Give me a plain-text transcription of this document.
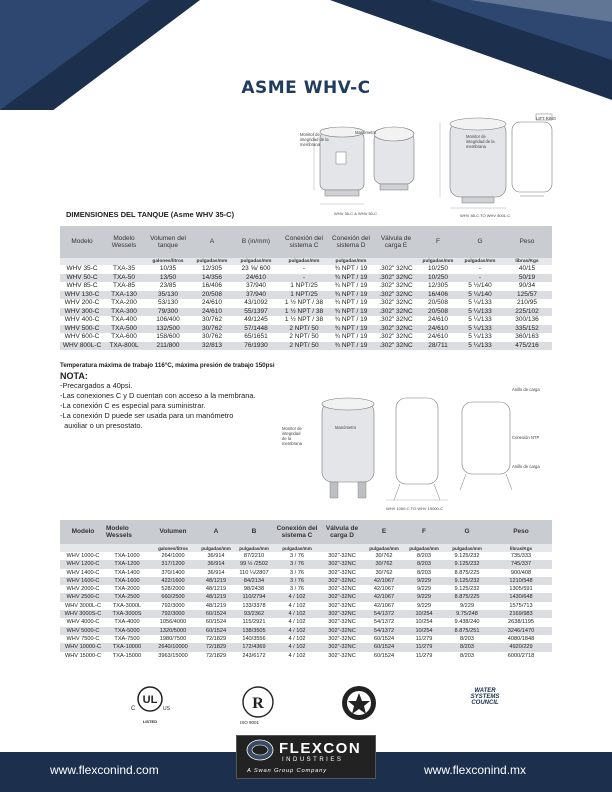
ASME WHV-C
Monitor de integridad de la membrana
Manómetro
Monitor de integridad de la membrana
LIFT RING
WHV 35-C & WHV 50-C	WHV 85-C TO WHV 800L-C
DIMENSIONES DEL TANQUE (Asme WHV 35-C)
Modelo	Modelo Wessels	Volumen del tanque	A	B (in/mm)	Conexión del sistema C	Conexión del sistema D	Válvula de carga E	F	G	Peso
		galones/litros	pulgadas/mm	pulgadas/mm	pulgadas/mm	pulgadas/mm		pulgadas/mm	pulgadas/mm	libras/Kgs
WHV 35-C	TXA-35	10/35	12/305	23 ⅝/ 600	-	¾ NPT / 19	.302" 32NC	10/250	-	40/15
WHV 50-C	TXA-50	13/50	14/356	24/610	-	¾ NPT / 19	.302" 32NC	10/250	-	50/19
WHV 85-C	TXA-85	23/85	16/406	37/940	1 NPT/25	¾ NPT / 19	.302" 32NC	12/305	5 ½/140	90/34
WHV 130-C	TXA-130	35/130	20/508	37/940	1 NPT/25	¾ NPT / 19	.302" 32NC	16/406	5 ¼/140	125/57
WHV 200-C	TXA-200	53/130	24/610	43/1092	1 ½ NPT / 38	¾ NPT / 19	.302" 32NC	20/508	5 ¼/133	210/95
WHV 300-C	TXA-300	79/300	24/610	55/1397	1 ½ NPT / 38	¾ NPT / 19	.302" 32NC	20/508	5 ¼/133	225/102
WHV 400-C	TXA-400	106/400	30/762	49/1245	1 ½ NPT / 38	¾ NPT / 19	.302" 32NC	24/610	5 ¼/133	300/136
WHV 500-C	TXA-500	132/500	30/762	57/1448	2 NPT/ 50	¾ NPT / 19	.302" 32NC	24/610	5 ¼/133	335/152
WHV 600-C	TXA-600	158/600	30/762	65/1651	2 NPT/ 50	¾ NPT / 19	.302" 32NC	24/610	5 ¼/133	360/163
WHV 800L-C	TXA-800L	211/800	32/813	76/1930	2 NPT/ 50	¾ NPT / 19	.302" 32NC	28/711	5 ¼/133	475/216
Temperatura máxima de trabajo 116°C, máxima presión de trabajo 150psi
NOTA:
-Precargados a 40psi.
-Las conexiones C y D cuentan con acceso a la membrana.
-La conexión C es especial para suministrar.
-La conexión D puede ser usada para un manómetro
auxiliar o un presostato.	Monitor de integridad de la membrana
Manómetro
Anillo de carga
Conexión NTP
Anillo de carga
WHV 1000-C TO WHV 15000-C
Modelo	Modelo Wessels	Volumen	A	B	Conexión del sistema C	Válvula de carga D	E	F	G	Peso
		galones/litros	pulgadas/mm	pulgadas/mm	pulgadas/mm		pulgadas/mm	pulgadas/mm	pulgadas/mm	libras/Kgs
WHV 1000-C	TXA-1000	264/1000	36/914	87/2210	3 / 76	302"-32NC	30/762	8/203	9.125/232	735/333
WHV 1200-C	TXA-1200	317/1200	36/914	99 ½ /2502	3 / 76	302"-32NC	30/762	8/203	9.125/232	745/337
WHV 1400-C	TXA-1400	370/1400	36/914	110 ¼/2807	3 / 76	302"-32NC	30/762	8/203	8.875/225	900/408
WHV 1600-C	TXA-1600	422/1600	48/1219	84/2134	3 / 76	302"-32NC	42/1067	9/229	9.125/232	1210/548
WHV 2000-C	TXA-2000	528/2000	48/1219	98/2438	3 / 76	302"-32NC	42/1067	9/229	9.125/232	1305/591
WHV 2500-C	TXA-2500	660/2500	48/1219	110/2794	4 / 102	302"-32NC	42/1067	9/229	8.875/225	1430/648
WHV 3000L-C	TXA-3000L	792/3000	48/1219	133/3378	4 / 102	302"-32NC	42/1067	9/229	9/229	1575/713
WHV 3000S-C	TXA-3000S	792/3000	60/1524	93/2362	4 / 102	302"-32NC	54/1372	10/254	9.75/248	2169/983
WHV 4000-C	TXA-4000	1056/4000	60/1524	115/2921	4 / 102	302"-32NC	54/1372	10/254	9.438/240	2638/1195
WHV 5000-C	TXA-5000	1320/5000	60/1524	138/3505	4 / 102	302"-32NC	54/1372	10/254	8.875/251	3246/1470
WHV 7500-C	TXA-7500	1980/7500	72/1829	140/3556	4 / 102	302"-32NC	60/1524	11/279	8/203	4080/1848
WHV 10000-C	TXA-10000	2640/10000	72/1829	172/4369	4 / 102	302"-32NC	60/1524	11/279	8/203	4920/229
WHV 15000-C	TXA-15000	3963/15000	72/1829	243/6172	4 / 102	302"-32NC	60/1524	11/279	8/203	6000/2718
UL
C	US
LISTED
R
ISO 9001
WATER SYSTEMS COUNCIL
www.flexconind.com	www.flexconind.mx
FLEXCON
INDUSTRIES
A Swan Group Company
